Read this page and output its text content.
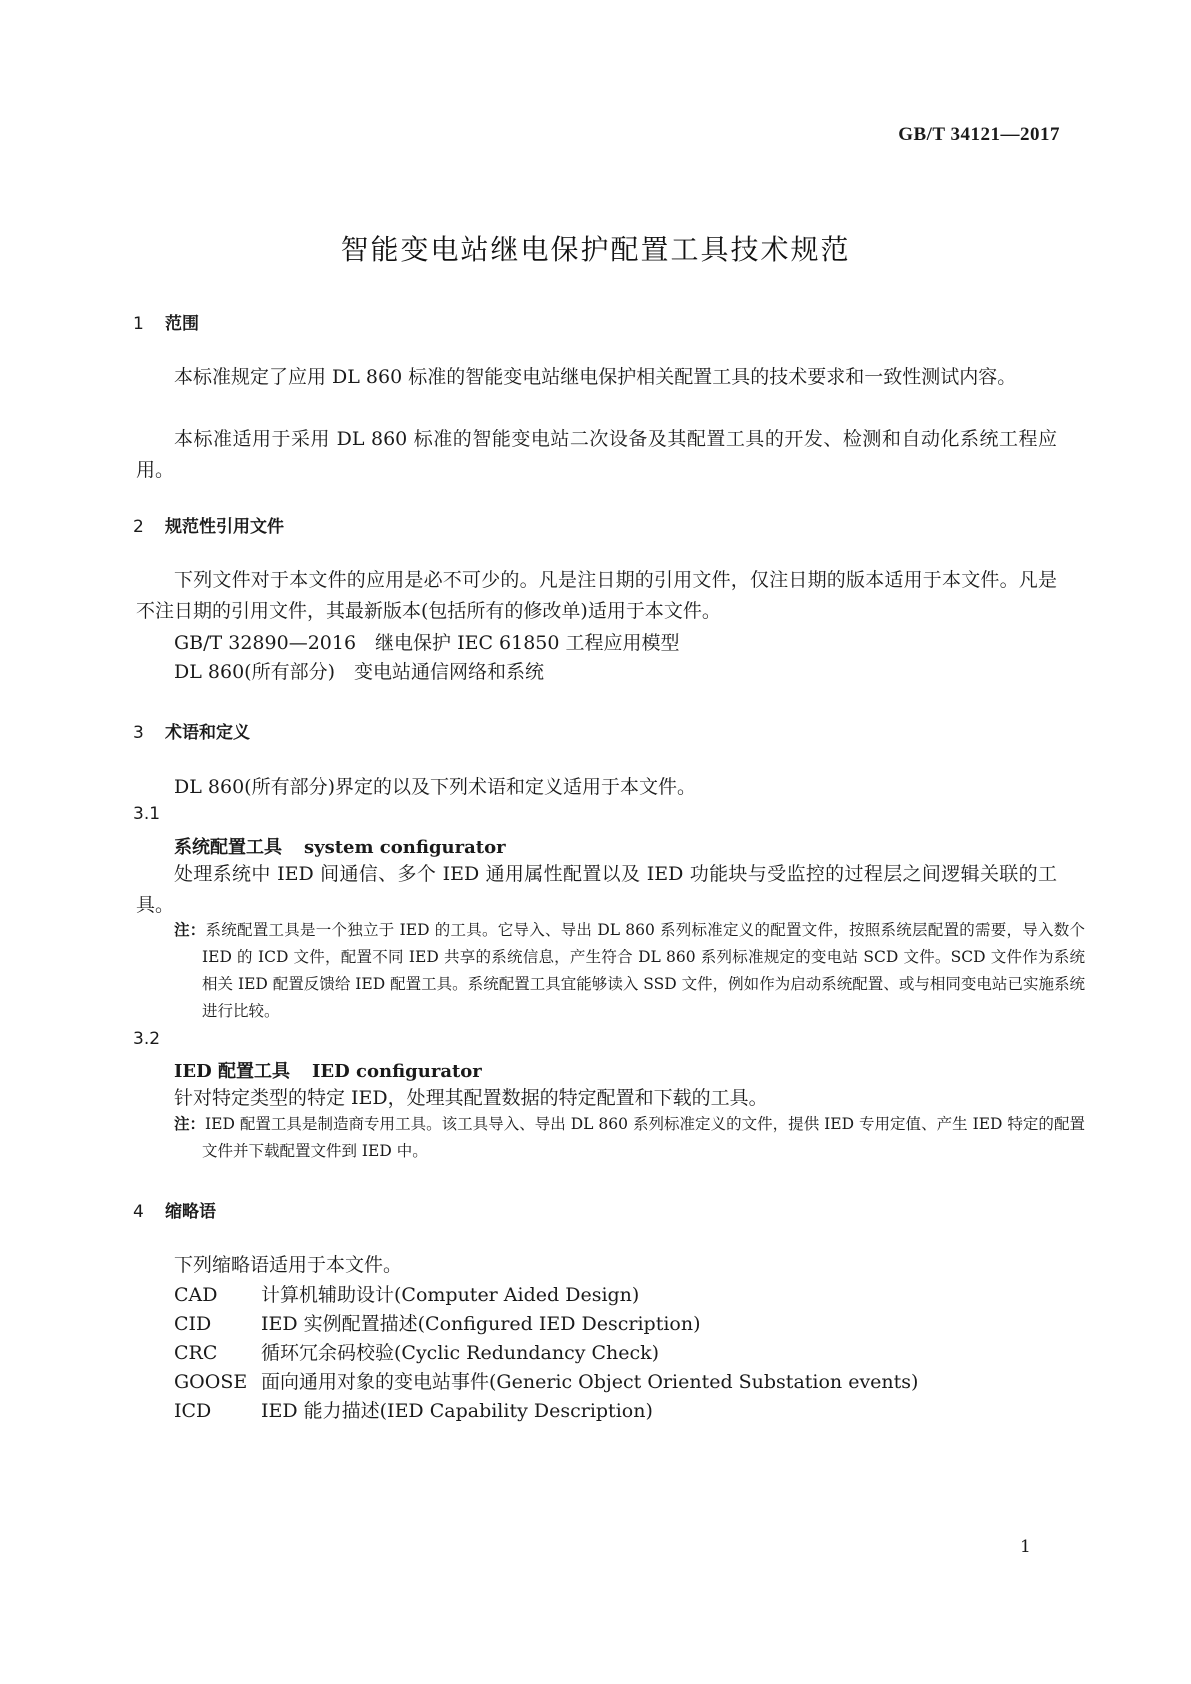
GB/T 34121—2017
智能变电站继电保护配置工具技术规范
1 范围

本标准规定了应用 DL 860 标准的智能变电站继电保护相关配置工具的技术要求和一致性测试内容。

本标准适用于采用 DL 860 标准的智能变电站二次设备及其配置工具的开发、检测和自动化系统工程应用。

2 规范性引用文件

下列文件对于本文件的应用是必不可少的。凡是注日期的引用文件，仅注日期的版本适用于本文件。凡是不注日期的引用文件，其最新版本(包括所有的修改单)适用于本文件。

GB/T 32890—2016　继电保护 IEC 61850 工程应用模型
DL 860(所有部分)　变电站通信网络和系统
3 术语和定义
DL 860(所有部分)界定的以及下列术语和定义适用于本文件。
3.1
系统配置工具 system configurator

处理系统中 IED 间通信、多个 IED 通用属性配置以及 IED 功能块与受监控的过程层之间逻辑关联的工具。

注：系统配置工具是一个独立于 IED 的工具。它导入、导出 DL 860 系列标准定义的配置文件，按照系统层配置的需要，导入数个 IED 的 ICD 文件，配置不同 IED 共享的系统信息，产生符合 DL 860 系列标准规定的变电站 SCD 文件。SCD 文件作为系统相关 IED 配置反馈给 IED 配置工具。系统配置工具宜能够读入 SSD 文件，例如作为启动系统配置、或与相同变电站已实施系统进行比较。

3.2
IED 配置工具 IED configurator
针对特定类型的特定 IED，处理其配置数据的特定配置和下载的工具。

注：IED 配置工具是制造商专用工具。该工具导入、导出 DL 860 系列标准定义的文件，提供 IED 专用定值、产生 IED 特定的配置文件并下载配置文件到 IED 中。

4 缩略语
下列缩略语适用于本文件。
CAD 计算机辅助设计(Computer Aided Design)
CID	IED 实例配置描述(Configured IED Description)
CRC 循环冗余码校验(Cyclic Redundancy Check)
GOOSE 面向通用对象的变电站事件(Generic Object Oriented Substation events)
ICD	IED 能力描述(IED Capability Description)
1
